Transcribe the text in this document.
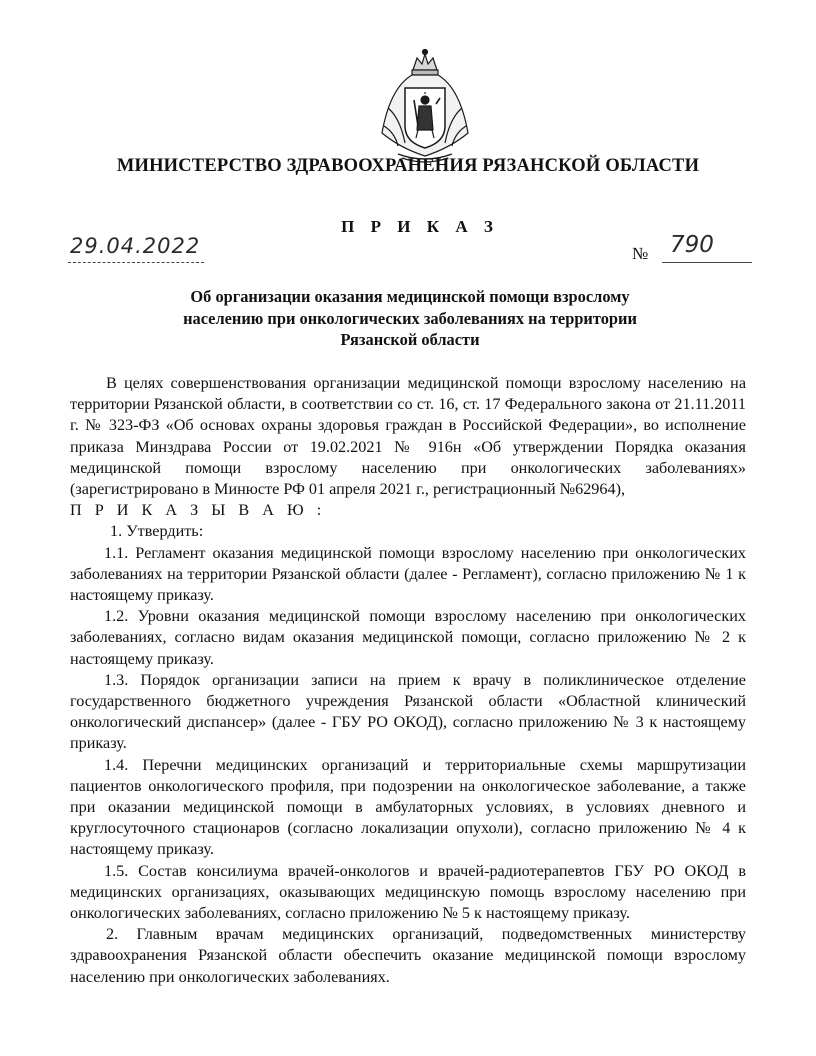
МИНИСТЕРСТВО ЗДРАВООХРАНЕНИЯ РЯЗАНСКОЙ ОБЛАСТИ
П Р И К А З
29.04.2022	№ 790
Об организации оказания медицинской помощи взрослому
населению при онкологических заболеваниях на территории
Рязанской области

В целях совершенствования организации медицинской помощи взрослому населению на территории Рязанской области, в соответствии со ст. 16, ст. 17 Федерального закона от 21.11.2011 г. № 323-ФЗ «Об основах охраны здоровья граждан в Российской Федерации», во исполнение приказа Минздрава России от 19.02.2021 № 916н «Об утверждении Порядка оказания медицинской помощи взрослому населению при онкологических заболеваниях» (зарегистрировано в Минюсте РФ 01 апреля 2021 г., регистрационный №62964),

П Р И К А З Ы В А Ю :

1. Утвердить:

1.1. Регламент оказания медицинской помощи взрослому населению при онкологических заболеваниях на территории Рязанской области (далее - Регламент), согласно приложению № 1 к настоящему приказу.

1.2. Уровни оказания медицинской помощи взрослому населению при онкологических заболеваниях, согласно видам оказания медицинской помощи, согласно приложению № 2 к настоящему приказу.

1.3. Порядок организации записи на прием к врачу в поликлиническое отделение государственного бюджетного учреждения Рязанской области «Областной клинический онкологический диспансер» (далее - ГБУ РО ОКОД), согласно приложению № 3 к настоящему приказу.

1.4. Перечни медицинских организаций и территориальные схемы маршрутизации пациентов онкологического профиля, при подозрении на онкологическое заболевание, а также при оказании медицинской помощи в амбулаторных условиях, в условиях дневного и круглосуточного стационаров (согласно локализации опухоли), согласно приложению № 4 к настоящему приказу.

1.5. Состав консилиума врачей-онкологов и врачей-радиотерапевтов ГБУ РО ОКОД в медицинских организациях, оказывающих медицинскую помощь взрослому населению при онкологических заболеваниях, согласно приложению № 5 к настоящему приказу.

2. Главным врачам медицинских организаций, подведомственных министерству здравоохранения Рязанской области обеспечить оказание медицинской помощи взрослому населению при онкологических заболеваниях.
